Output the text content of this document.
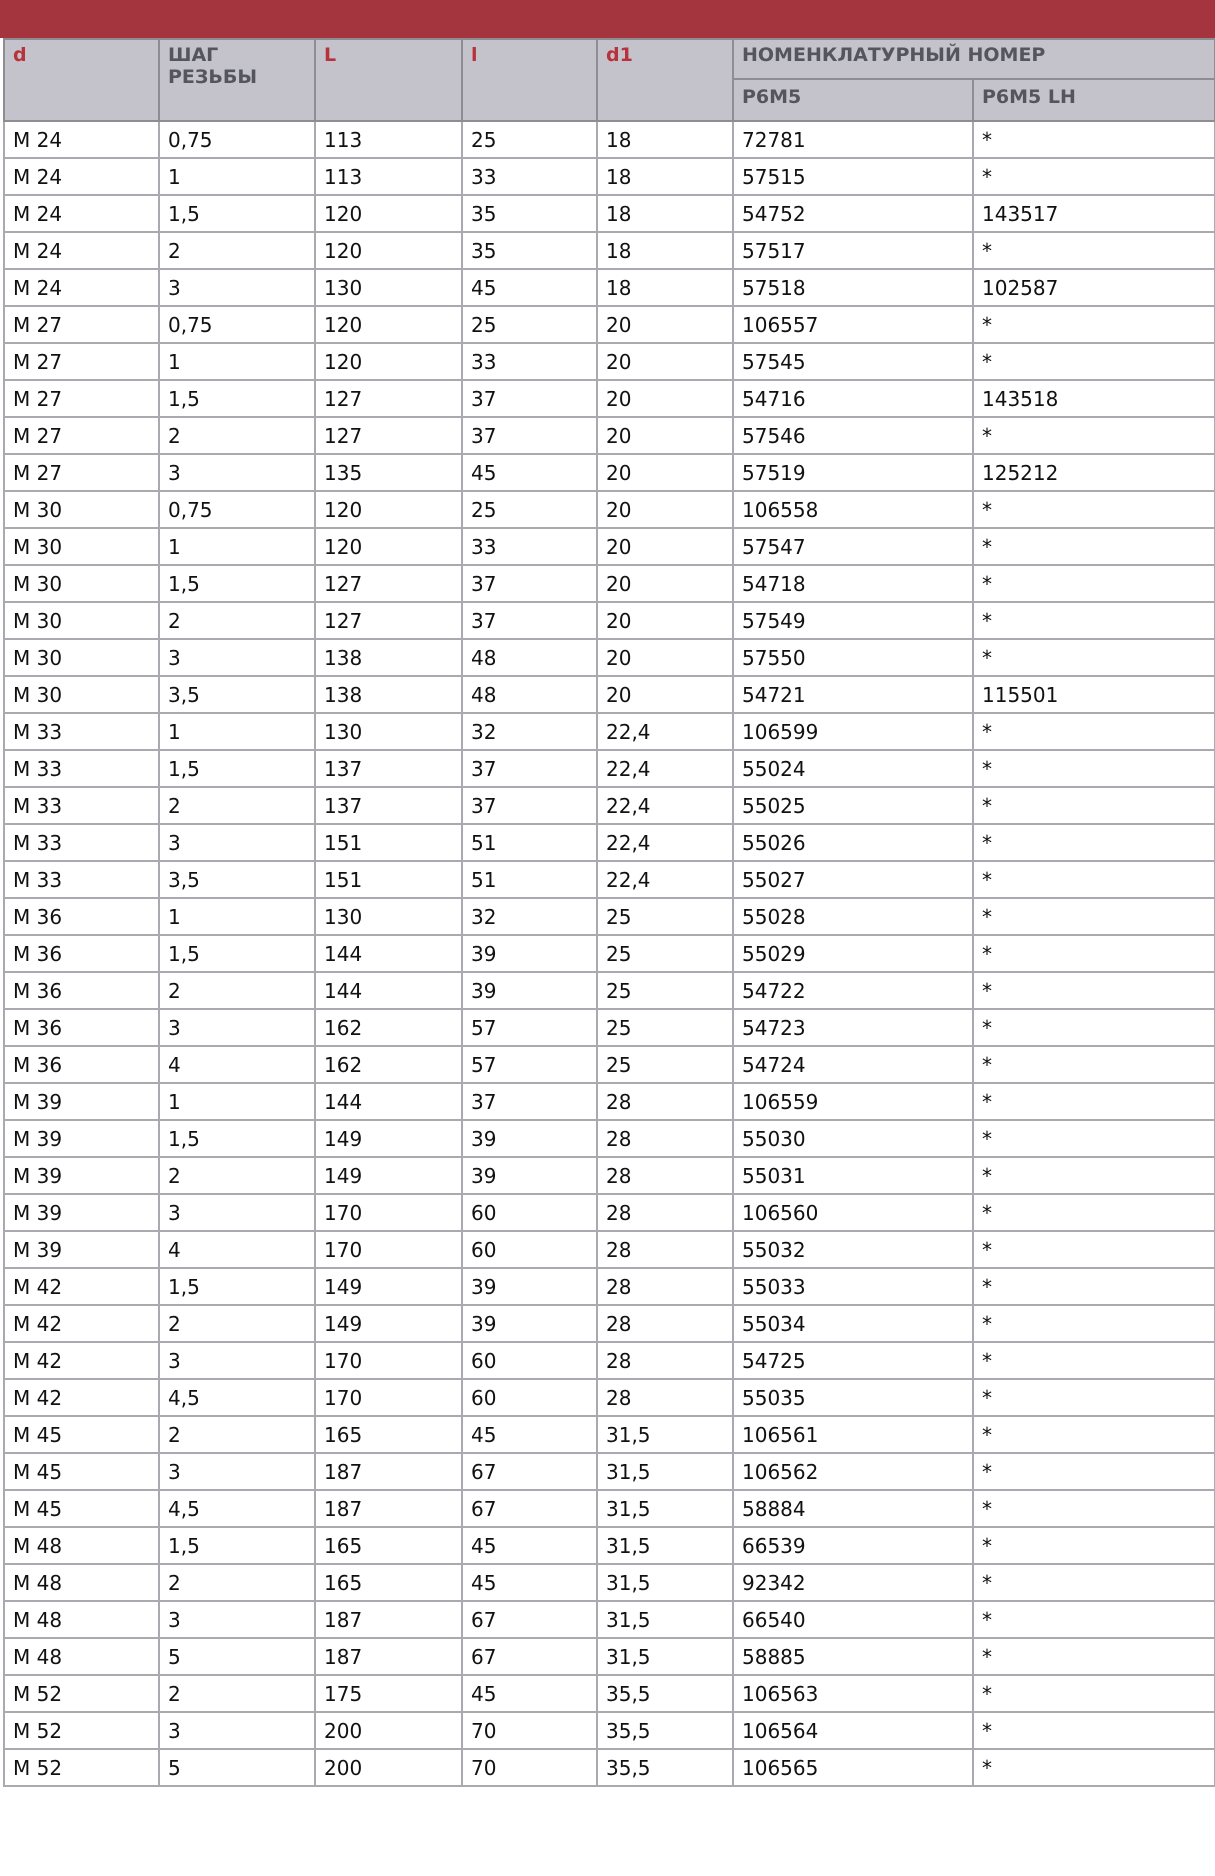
d	ШАГ РЕЗЬБЫ	L	l	d1	НОМЕНКЛАТУРНЫЙ НОМЕР	
					Р6М5	Р6М5 LH
М 24	0,75	113	25	18	72781	*
М 24	1	113	33	18	57515	*
М 24	1,5	120	35	18	54752	143517
М 24	2	120	35	18	57517	*
М 24	3	130	45	18	57518	102587
М 27	0,75	120	25	20	106557	*
М 27	1	120	33	20	57545	*
М 27	1,5	127	37	20	54716	143518
М 27	2	127	37	20	57546	*
М 27	3	135	45	20	57519	125212
М 30	0,75	120	25	20	106558	*
М 30	1	120	33	20	57547	*
М 30	1,5	127	37	20	54718	*
М 30	2	127	37	20	57549	*
М 30	3	138	48	20	57550	*
М 30	3,5	138	48	20	54721	115501
М 33	1	130	32	22,4	106599	*
М 33	1,5	137	37	22,4	55024	*
М 33	2	137	37	22,4	55025	*
М 33	3	151	51	22,4	55026	*
М 33	3,5	151	51	22,4	55027	*
М 36	1	130	32	25	55028	*
М 36	1,5	144	39	25	55029	*
М 36	2	144	39	25	54722	*
М 36	3	162	57	25	54723	*
М 36	4	162	57	25	54724	*
М 39	1	144	37	28	106559	*
М 39	1,5	149	39	28	55030	*
М 39	2	149	39	28	55031	*
М 39	3	170	60	28	106560	*
М 39	4	170	60	28	55032	*
М 42	1,5	149	39	28	55033	*
М 42	2	149	39	28	55034	*
М 42	3	170	60	28	54725	*
М 42	4,5	170	60	28	55035	*
М 45	2	165	45	31,5	106561	*
М 45	3	187	67	31,5	106562	*
М 45	4,5	187	67	31,5	58884	*
М 48	1,5	165	45	31,5	66539	*
М 48	2	165	45	31,5	92342	*
М 48	3	187	67	31,5	66540	*
М 48	5	187	67	31,5	58885	*
М 52	2	175	45	35,5	106563	*
М 52	3	200	70	35,5	106564	*
М 52	5	200	70	35,5	106565	*
